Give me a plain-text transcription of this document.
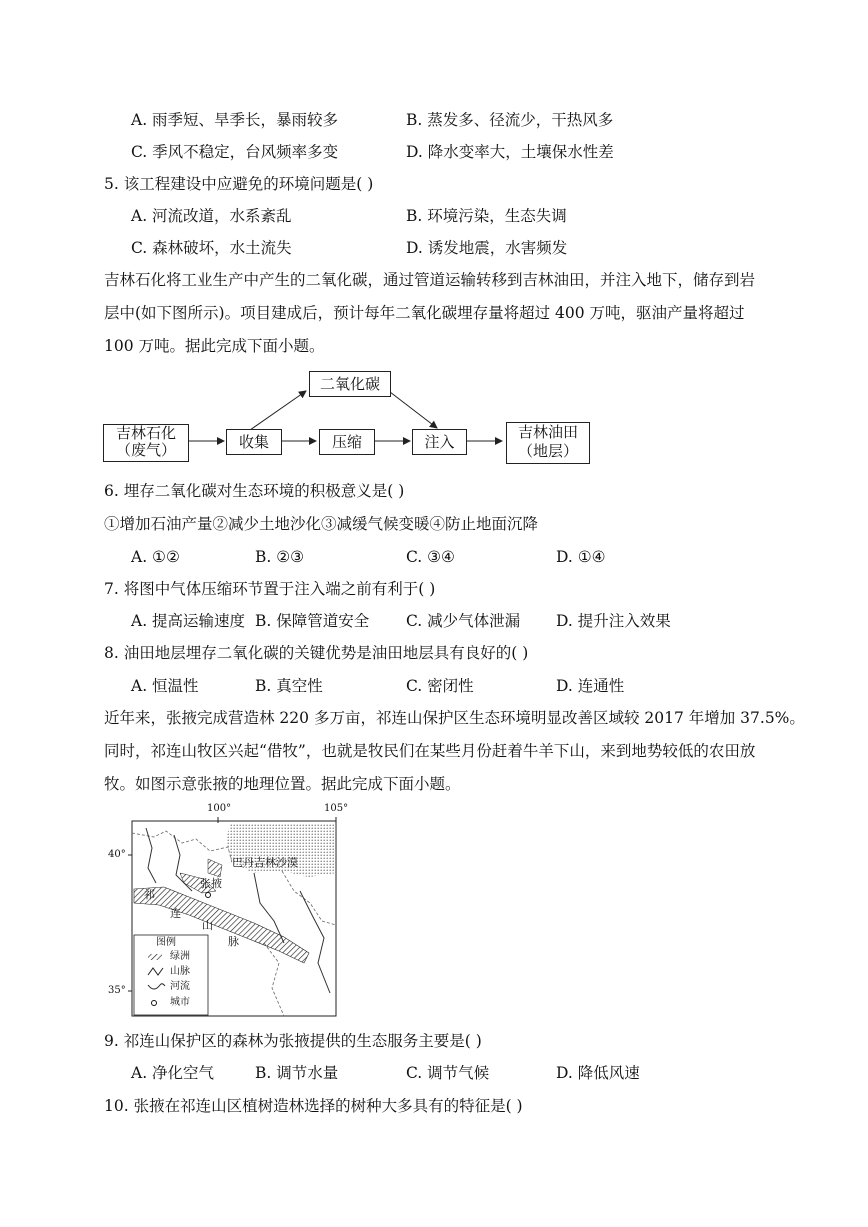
A. 雨季短、旱季长，暴雨较多	B. 蒸发多、径流少，干热风多
C. 季风不稳定，台风频率多变	D. 降水变率大，土壤保水性差
5. 该工程建设中应避免的环境问题是( )
A. 河流改道，水系紊乱	B. 环境污染，生态失调
C. 森林破坏，水土流失	D. 诱发地震，水害频发
吉林石化将工业生产中产生的二氧化碳，通过管道运输转移到吉林油田，并注入地下，储存到岩
层中(如下图所示)。项目建成后，预计每年二氧化碳埋存量将超过 400 万吨，驱油产量将超过
100 万吨。据此完成下面小题。
吉林石化
（废气）	收集
二氧化碳
压缩	注入
吉林油田
（地层）
6. 埋存二氧化碳对生态环境的积极意义是( )
①增加石油产量②减少土地沙化③减缓气候变暖④防止地面沉降
A. ①②	B. ②③	C. ③④	D. ①④
7. 将图中气体压缩环节置于注入端之前有利于( )
A. 提高运输速度 B. 保障管道安全 C. 减少气体泄漏 D. 提升注入效果
8. 油田地层埋存二氧化碳的关键优势是油田地层具有良好的( )
A. 恒温性	B. 真空性	C. 密闭性	D. 连通性
近年来，张掖完成营造林 220 多万亩，祁连山保护区生态环境明显改善区域较 2017 年增加 37.5%。
同时，祁连山牧区兴起“借牧”，也就是牧民们在某些月份赶着牛羊下山，来到地势较低的农田放
牧。如图示意张掖的地理位置。据此完成下面小题。
100°	105°
40°
35°
巴丹吉林沙漠
张掖
祁
连
山
脉
图例
绿洲
山脉
河流
城市
9. 祁连山保护区的森林为张掖提供的生态服务主要是( )
A. 净化空气	B. 调节水量	C. 调节气候	D. 降低风速
10. 张掖在祁连山区植树造林选择的树种大多具有的特征是( )
